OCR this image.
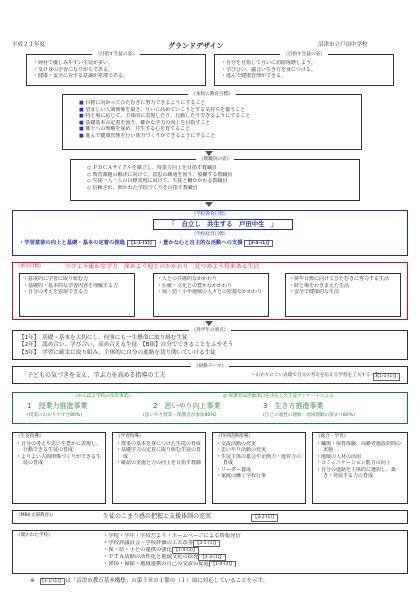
平成２１年度	グランドデザイン	沼津市立戸田中学校
《目指す生徒の姿》
・ 純朴で優しみやすい生徒が多い。
・ 受け身の学習になりがちである。
・ 健康・安全に対する意識が希薄である。
《目指す生徒の姿》
・ 自分を自指して互いに切磋琢磨しよう。
・ 学び合い、議合い生き方を身につける。
・ 進んで健康管理ができる。
《本校の教育目標》
■ 目標に向かってひたむきに努力できるようにすること
■ 望ましい人間関係を築き、互いに高めていこうとする気持ちを養うこと
■ 時と場に応じて、主体的に表現したり、行動したりできるようにすること
■ 基礎基本の定着を図り、確かな学力の向上を目指すこと
■ 郷土への理解を深め、共生する心を育てること
■ 進んで健康管理を行い体力づくりができるようにすること
《教職員の姿》
◇ ＰＤＣＡサイクルを確立し、授業力向上を目指す教職員
◇ 教育課題の解決に向けて、意思の疎通を図り、協働する教職員
◇ 生徒一人一人の目標実現に向けて、生徒と働かかわる教職員
◇ 信頼され、開かれた学校づくりを目指す教職員
《学校教育目標》
「　自立し　共生する　戸田中生　」
《学校経営目標》
・学習意欲の向上と基礎・基本の定着の推進 【1-1-(1)】 ・豊かな心と自主的な活動への支援 【3-4-(1)】
《重点目標》	つけよう確かな学力　深めよう他とのかかわり　見つめよう将来ある生活
・ 意欲的に学習に取り組む力
・ 基礎的・基本的な学習内容を理解する力
・ 自分の考えを表現できる力
・ 人との共感的なかかわり
・ 伝統・文化との豊かなかかわり
・ 保・幼・小や地域の人々との密接なかかわり
・ 夢や目標に向けてひたむきに努力する生活
・ 時と場をわきまえた生活
・ 安全で健康的な生活
《各学年の重点》
【1年】　 基礎・基本を大切にし、何事にも一生懸命に取り組む生徒
【2年】　 認め合い、学び合い、高め合える生徒　【B組】自分でできることをふやそう
【3年】　 学習に確実に取り組み、主体的に自分の進路を切り開いていける生徒
《研修テーマ》
「子どもの気づきを支え、学ぶ力を高める指導の工夫	～わかりにくい表現で自分の考えを伝える学習を工夫する～】
【1-1-(1)】
《かんばる学校の改善事業》	◎ 保護者は評価項目を決定した生徒アンケートによる
1　 授業力推進事業	2　 思いやり向上事業	3　 生き方推進事業
(授業のわかりやすさ80%)	(思いやり授業・保護者が参加80%)	(自己の適性の理解・地域理解の深まり80%)
《生徒指導》
・ 自分の考えや思いを豊かに表現し、行動できる生徒の育成
・ よりよい人間関係づくりができる生徒の育成
《学習指導》
・ 授業の基本を身につけた生徒の育成
・ 基礎学力の定着に取り組む生徒の育成
・ 確認の実施と力の向上を目指す教師
《特別活動指導》
・ 交流活動の充実
・ 思いやり活動の充実
・ 生徒主体の集会や企画力・運営力の育成
・ リーダー養成
・ 家庭の働く学校行事
《総合・学習》
・ 職場・保育体験、高齢者施設訪問の実施
・ 地域の人材の活用
・ コミュニケーション能力の向上
・ 自分の進路を主体的に選択し、築き・発展する力の育成
《MBI(文部教育)》	生徒のこまり感の把握と支援体制の充実	【3-2-(1)】
《開かれた学校》
・	学校・学年・学校だより・ホームページによる情報発信
・ 学校評議員会・学校評価の工夫改善 【3-1-(1)】
・ 保・幼・小との連携の強化 【1-4-(3)】
・ ＰＴＡ活動の活性化と地域文化の拡充 【3-3-(1)】
・ 挨拶・掃除・地域連携の自己の交流の促進 【1-4-(3)】
※　 【1-1-(1)】 は「沼津市教育基本構想」の第３章の１節の（１）項に対応していることを示す。
